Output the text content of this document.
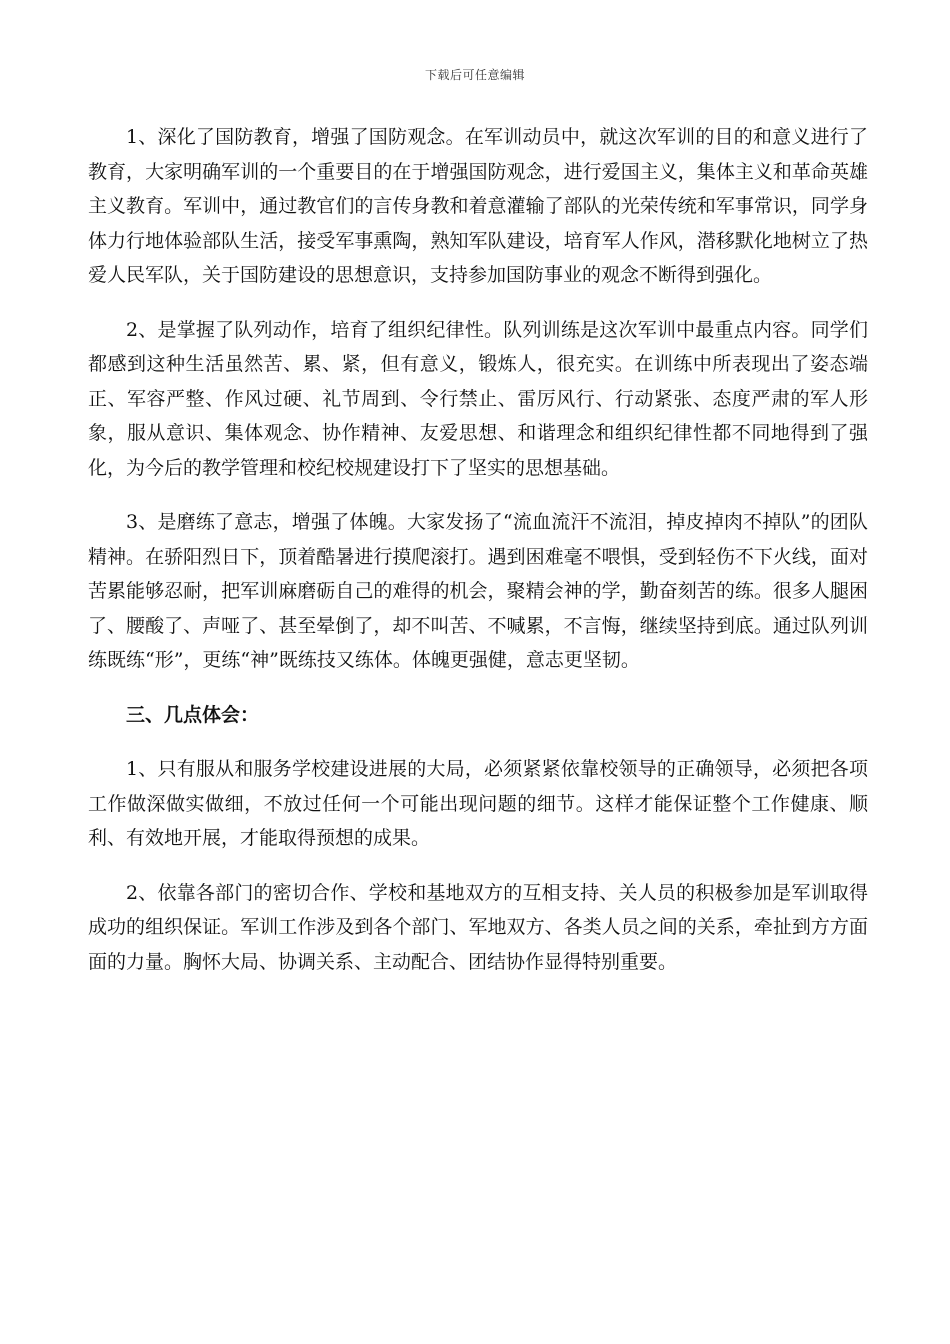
下载后可任意编辑

1、深化了国防教育，增强了国防观念。在军训动员中，就这次军训的目的和意义进行了教育，大家明确军训的一个重要目的在于增强国防观念，进行爱国主义，集体主义和革命英雄主义教育。军训中，通过教官们的言传身教和着意灌输了部队的光荣传统和军事常识，同学身体力行地体验部队生活，接受军事熏陶，熟知军队建设，培育军人作风，潜移默化地树立了热爱人民军队，关于国防建设的思想意识，支持参加国防事业的观念不断得到强化。

2、是掌握了队列动作，培育了组织纪律性。队列训练是这次军训中最重点内容。同学们都感到这种生活虽然苦、累、紧，但有意义，锻炼人，很充实。在训练中所表现出了姿态端正、军容严整、作风过硬、礼节周到、令行禁止、雷厉风行、行动紧张、态度严肃的军人形象，服从意识、集体观念、协作精神、友爱思想、和谐理念和组织纪律性都不同地得到了强化，为今后的教学管理和校纪校规建设打下了坚实的思想基础。

3、是磨练了意志，增强了体魄。大家发扬了“流血流汗不流泪，掉皮掉肉不掉队”的团队精神。在骄阳烈日下，顶着酷暑进行摸爬滚打。遇到困难毫不喂惧，受到轻伤不下火线，面对苦累能够忍耐，把军训麻磨砺自己的难得的机会，聚精会神的学，勤奋刻苦的练。很多人腿困了、腰酸了、声哑了、甚至晕倒了，却不叫苦、不喊累，不言悔，继续坚持到底。通过队列训练既练“形”，更练“神”既练技又练体。体魄更强健，意志更坚韧。

三、几点体会：

1、只有服从和服务学校建设进展的大局，必须紧紧依靠校领导的正确领导，必须把各项工作做深做实做细，不放过任何一个可能出现问题的细节。这样才能保证整个工作健康、顺利、有效地开展，才能取得预想的成果。

2、依靠各部门的密切合作、学校和基地双方的互相支持、关人员的积极参加是军训取得成功的组织保证。军训工作涉及到各个部门、军地双方、各类人员之间的关系，牵扯到方方面面的力量。胸怀大局、协调关系、主动配合、团结协作显得特别重要。
